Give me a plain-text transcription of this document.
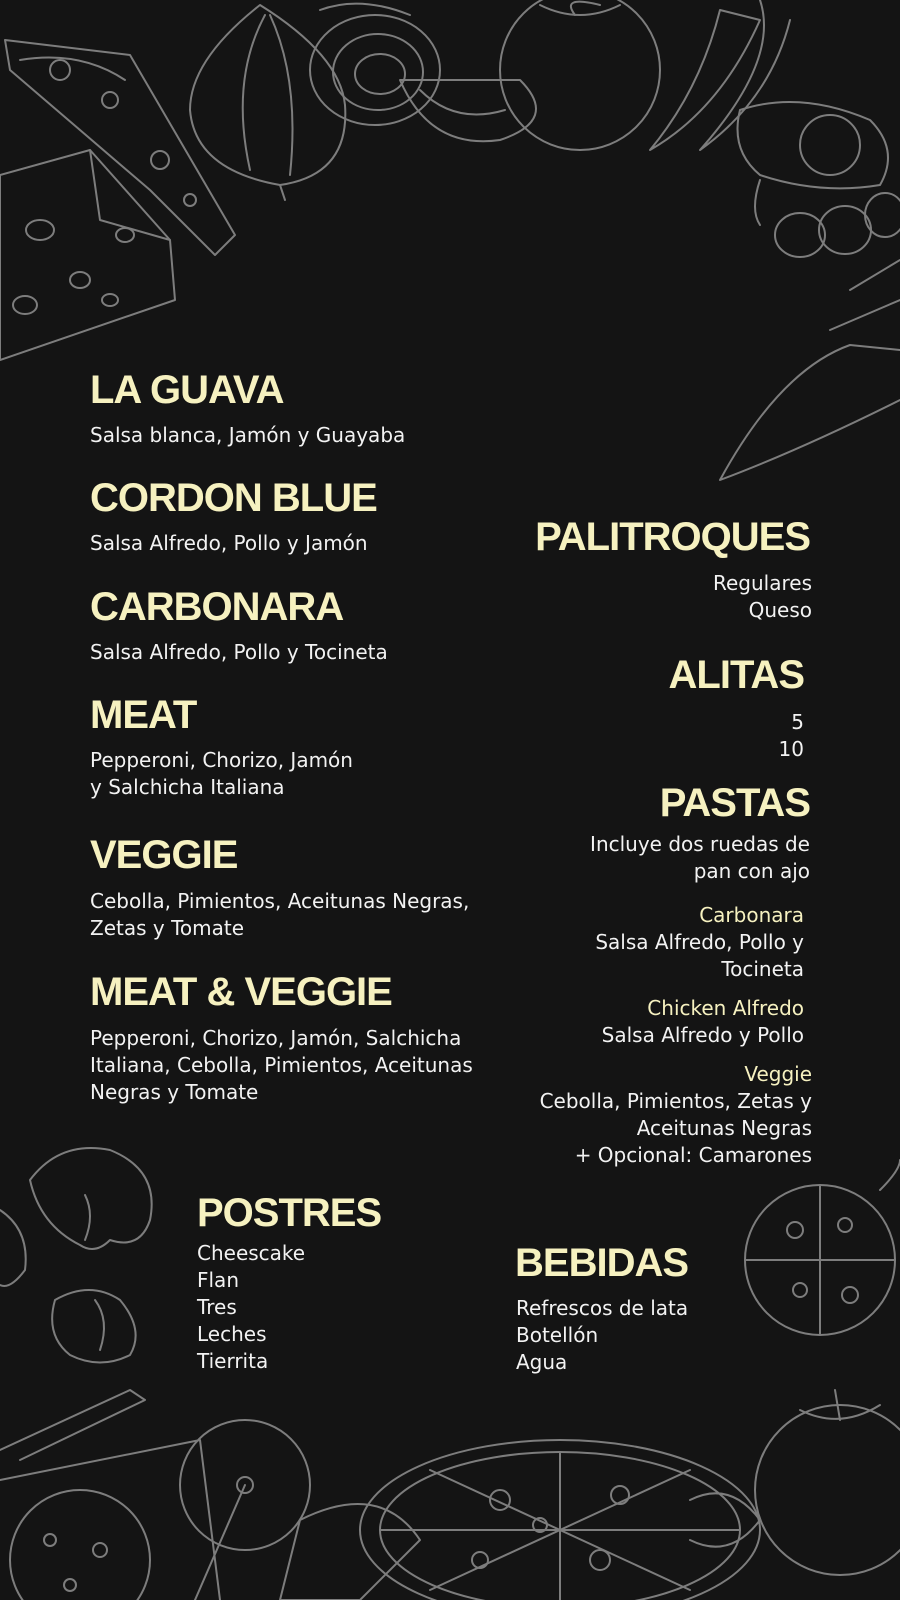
LA GUAVA

Salsa blanca, Jamón y Guayaba

CORDON BLUE

Salsa Alfredo, Pollo y Jamón

CARBONARA

Salsa Alfredo, Pollo y Tocineta

MEAT

Pepperoni, Chorizo, Jamón
y Salchicha Italiana

VEGGIE

Cebolla, Pimientos, Aceitunas Negras,
Zetas y Tomate

MEAT & VEGGIE

Pepperoni, Chorizo, Jamón, Salchicha
Italiana, Cebolla, Pimientos, Aceitunas
Negras y Tomate

PALITROQUES

Regulares
Queso

ALITAS

5
10

PASTAS

Incluye dos ruedas de
pan con ajo

Carbonara

Salsa Alfredo, Pollo y
Tocineta

Chicken Alfredo

Salsa Alfredo y Pollo

Veggie

Cebolla, Pimientos, Zetas y
Aceitunas Negras
+ Opcional: Camarones

POSTRES

Cheescake
Flan
Tres
Leches
Tierrita

BEBIDAS

Refrescos de lata
Botellón
Agua
